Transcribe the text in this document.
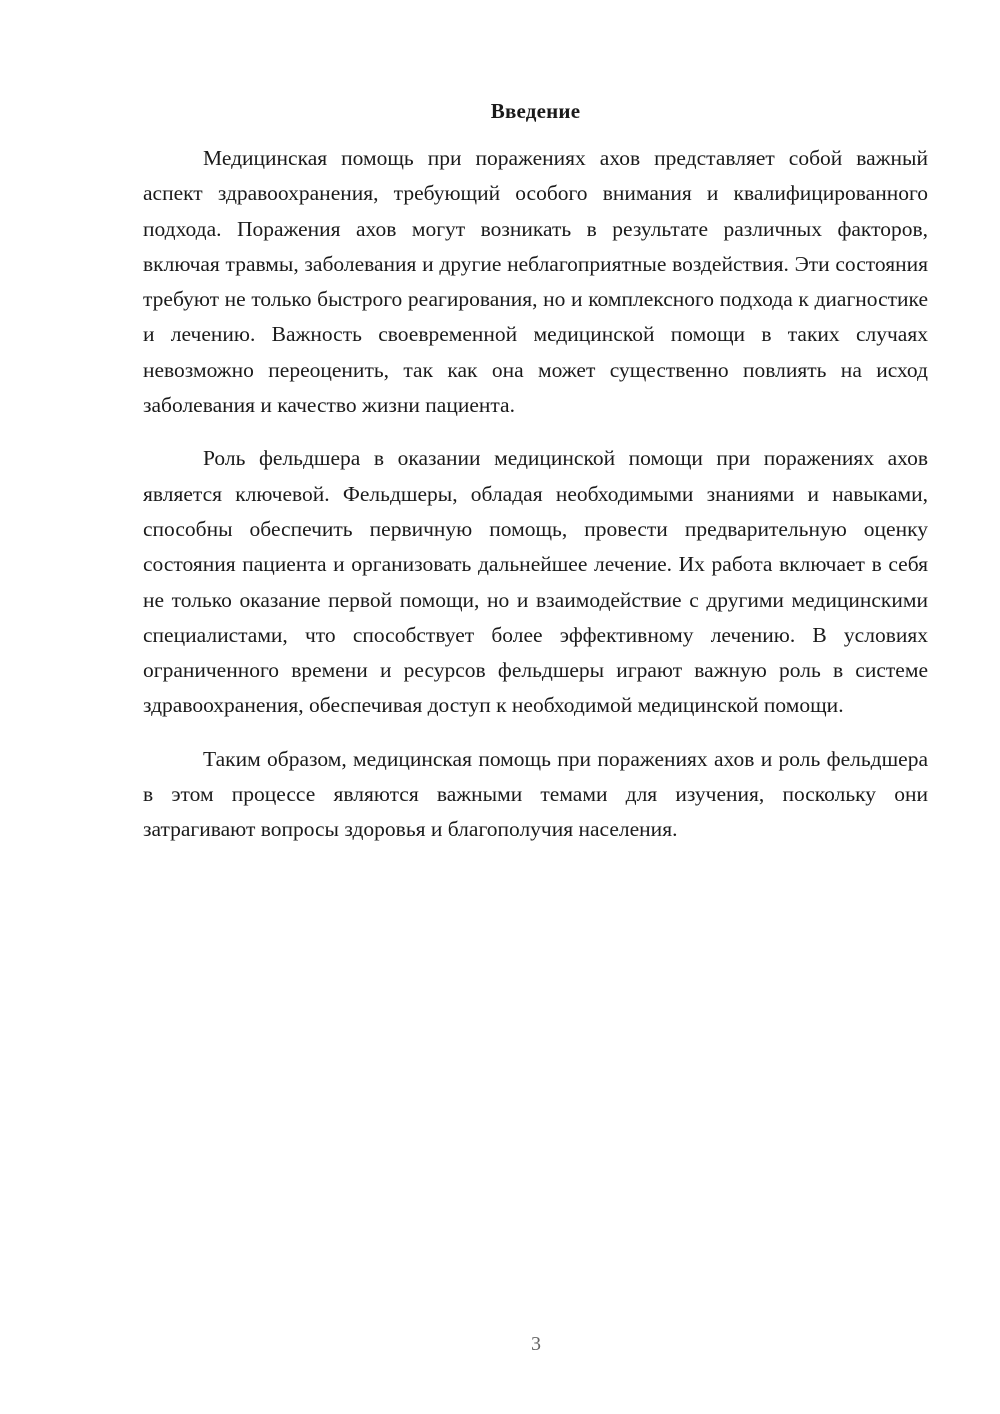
Введение

Медицинская помощь при поражениях ахов представляет собой важный аспект здравоохранения, требующий особого внимания и квалифицированного подхода. Поражения ахов могут возникать в результате различных факторов, включая травмы, заболевания и другие неблагоприятные воздействия. Эти состояния требуют не только быстрого реагирования, но и комплексного подхода к диагностике и лечению. Важность своевременной медицинской помощи в таких случаях невозможно переоценить, так как она может существенно повлиять на исход заболевания и качество жизни пациента.

Роль фельдшера в оказании медицинской помощи при поражениях ахов является ключевой. Фельдшеры, обладая необходимыми знаниями и навыками, способны обеспечить первичную помощь, провести предварительную оценку состояния пациента и организовать дальнейшее лечение. Их работа включает в себя не только оказание первой помощи, но и взаимодействие с другими медицинскими специалистами, что способствует более эффективному лечению. В условиях ограниченного времени и ресурсов фельдшеры играют важную роль в системе здравоохранения, обеспечивая доступ к необходимой медицинской помощи.

Таким образом, медицинская помощь при поражениях ахов и роль фельдшера в этом процессе являются важными темами для изучения, поскольку они затрагивают вопросы здоровья и благополучия населения.

3
